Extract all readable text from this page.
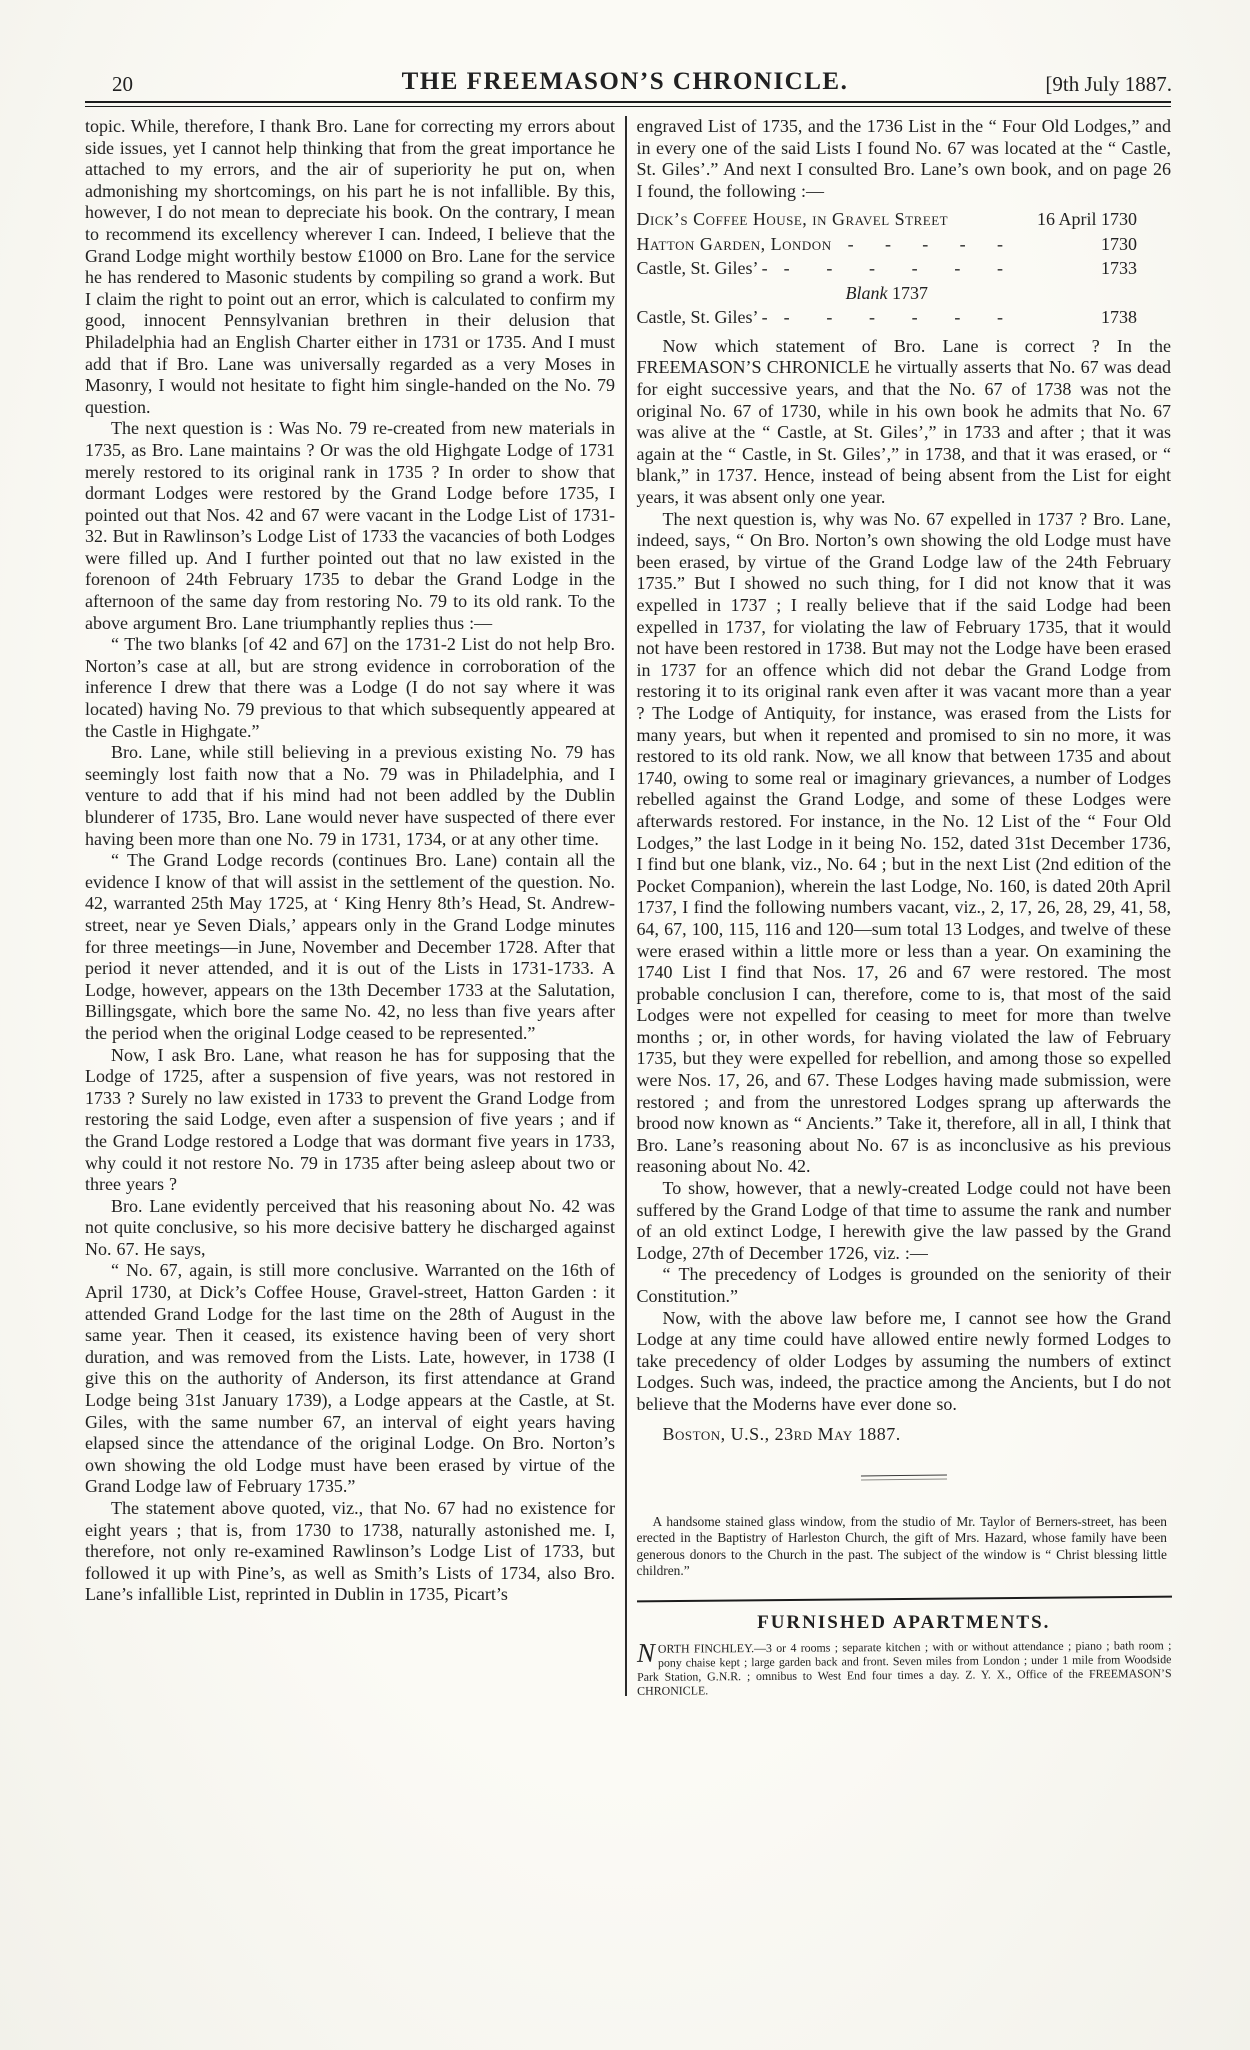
20	THE FREEMASON’S CHRONICLE.	[9th July 1887.

topic. While, therefore, I thank Bro. Lane for correcting my errors about side issues, yet I cannot help thinking that from the great importance he attached to my errors, and the air of superiority he put on, when admonishing my shortcomings, on his part he is not infallible. By this, however, I do not mean to depreciate his book. On the contrary, I mean to recommend its excellency wherever I can. Indeed, I believe that the Grand Lodge might worthily bestow £1000 on Bro. Lane for the service he has rendered to Masonic students by compiling so grand a work. But I claim the right to point out an error, which is calculated to confirm my good, innocent Pennsylvanian brethren in their delusion that Philadelphia had an English Charter either in 1731 or 1735. And I must add that if Bro. Lane was universally regarded as a very Moses in Masonry, I would not hesitate to fight him single-handed on the No. 79 question.

The next question is : Was No. 79 re-created from new materials in 1735, as Bro. Lane maintains ? Or was the old Highgate Lodge of 1731 merely restored to its original rank in 1735 ? In order to show that dormant Lodges were restored by the Grand Lodge before 1735, I pointed out that Nos. 42 and 67 were vacant in the Lodge List of 1731-32. But in Rawlinson’s Lodge List of 1733 the vacancies of both Lodges were filled up. And I further pointed out that no law existed in the forenoon of 24th February 1735 to debar the Grand Lodge in the afternoon of the same day from restoring No. 79 to its old rank. To the above argument Bro. Lane triumphantly replies thus :—

“ The two blanks [of 42 and 67] on the 1731-2 List do not help Bro. Norton’s case at all, but are strong evidence in corroboration of the inference I drew that there was a Lodge (I do not say where it was located) having No. 79 previous to that which subsequently appeared at the Castle in Highgate.”

Bro. Lane, while still believing in a previous existing No. 79 has seemingly lost faith now that a No. 79 was in Philadelphia, and I venture to add that if his mind had not been addled by the Dublin blunderer of 1735, Bro. Lane would never have suspected of there ever having been more than one No. 79 in 1731, 1734, or at any other time.

“ The Grand Lodge records (continues Bro. Lane) contain all the evidence I know of that will assist in the settlement of the question. No. 42, warranted 25th May 1725, at ‘ King Henry 8th’s Head, St. Andrew-street, near ye Seven Dials,’ appears only in the Grand Lodge minutes for three meetings—in June, November and December 1728. After that period it never attended, and it is out of the Lists in 1731-1733. A Lodge, however, appears on the 13th December 1733 at the Salutation, Billingsgate, which bore the same No. 42, no less than five years after the period when the original Lodge ceased to be represented.”

Now, I ask Bro. Lane, what reason he has for supposing that the Lodge of 1725, after a suspension of five years, was not restored in 1733 ? Surely no law existed in 1733 to prevent the Grand Lodge from restoring the said Lodge, even after a suspension of five years ; and if the Grand Lodge restored a Lodge that was dormant five years in 1733, why could it not restore No. 79 in 1735 after being asleep about two or three years ?

Bro. Lane evidently perceived that his reasoning about No. 42 was not quite conclusive, so his more decisive battery he discharged against No. 67. He says,

“ No. 67, again, is still more conclusive. Warranted on the 16th of April 1730, at Dick’s Coffee House, Gravel-street, Hatton Garden : it attended Grand Lodge for the last time on the 28th of August in the same year. Then it ceased, its existence having been of very short duration, and was removed from the Lists. Late, however, in 1738 (I give this on the authority of Anderson, its first attendance at Grand Lodge being 31st January 1739), a Lodge appears at the Castle, at St. Giles, with the same number 67, an interval of eight years having elapsed since the attendance of the original Lodge. On Bro. Norton’s own showing the old Lodge must have been erased by virtue of the Grand Lodge law of February 1735.”

The statement above quoted, viz., that No. 67 had no existence for eight years ; that is, from 1730 to 1738, naturally astonished me. I, therefore, not only re-examined Rawlinson’s Lodge List of 1733, but followed it up with Pine’s, as well as Smith’s Lists of 1734, also Bro. Lane’s infallible List, reprinted in Dublin in 1735, Picart’s

engraved List of 1735, and the 1736 List in the “ Four Old Lodges,” and in every one of the said Lists I found No. 67 was located at the “ Castle, St. Giles’.” And next I consulted Bro. Lane’s own book, and on page 26 I found, the following :—

Dick’s Coffee House, in Gravel Street	16 April 1730
Hatton Garden, London - - - - -	1730
Castle, St. Giles’ - - - - - - -	1733
Blank 1737
Castle, St. Giles’ - - - - - - -	1738

Now which statement of Bro. Lane is correct ? In the FREEMASON’S CHRONICLE he virtually asserts that No. 67 was dead for eight successive years, and that the No. 67 of 1738 was not the original No. 67 of 1730, while in his own book he admits that No. 67 was alive at the “ Castle, at St. Giles’,” in 1733 and after ; that it was again at the “ Castle, in St. Giles’,” in 1738, and that it was erased, or “ blank,” in 1737. Hence, instead of being absent from the List for eight years, it was absent only one year.

The next question is, why was No. 67 expelled in 1737 ? Bro. Lane, indeed, says, “ On Bro. Norton’s own showing the old Lodge must have been erased, by virtue of the Grand Lodge law of the 24th February 1735.” But I showed no such thing, for I did not know that it was expelled in 1737 ; I really believe that if the said Lodge had been expelled in 1737, for violating the law of February 1735, that it would not have been restored in 1738. But may not the Lodge have been erased in 1737 for an offence which did not debar the Grand Lodge from restoring it to its original rank even after it was vacant more than a year ? The Lodge of Antiquity, for instance, was erased from the Lists for many years, but when it repented and promised to sin no more, it was restored to its old rank. Now, we all know that between 1735 and about 1740, owing to some real or imaginary grievances, a number of Lodges rebelled against the Grand Lodge, and some of these Lodges were afterwards restored. For instance, in the No. 12 List of the “ Four Old Lodges,” the last Lodge in it being No. 152, dated 31st December 1736, I find but one blank, viz., No. 64 ; but in the next List (2nd edition of the Pocket Companion), wherein the last Lodge, No. 160, is dated 20th April 1737, I find the following numbers vacant, viz., 2, 17, 26, 28, 29, 41, 58, 64, 67, 100, 115, 116 and 120—sum total 13 Lodges, and twelve of these were erased within a little more or less than a year. On examining the 1740 List I find that Nos. 17, 26 and 67 were restored. The most probable conclusion I can, therefore, come to is, that most of the said Lodges were not expelled for ceasing to meet for more than twelve months ; or, in other words, for having violated the law of February 1735, but they were expelled for rebellion, and among those so expelled were Nos. 17, 26, and 67. These Lodges having made submission, were restored ; and from the unrestored Lodges sprang up afterwards the brood now known as “ Ancients.” Take it, therefore, all in all, I think that Bro. Lane’s reasoning about No. 67 is as inconclusive as his previous reasoning about No. 42.

To show, however, that a newly-created Lodge could not have been suffered by the Grand Lodge of that time to assume the rank and number of an old extinct Lodge, I herewith give the law passed by the Grand Lodge, 27th of December 1726, viz. :—

“ The precedency of Lodges is grounded on the seniority of their Constitution.”

Now, with the above law before me, I cannot see how the Grand Lodge at any time could have allowed entire newly formed Lodges to take precedency of older Lodges by assuming the numbers of extinct Lodges. Such was, indeed, the practice among the Ancients, but I do not believe that the Moderns have ever done so.

Boston, U.S., 23rd May 1887.

A handsome stained glass window, from the studio of Mr. Taylor of Berners-street, has been erected in the Baptistry of Harleston Church, the gift of Mrs. Hazard, whose family have been generous donors to the Church in the past. The subject of the window is “ Christ blessing little children.”

FURNISHED APARTMENTS.

NORTH FINCHLEY.—3 or 4 rooms ; separate kitchen ; with or without attendance ; piano ; bath room ; pony chaise kept ; large garden back and front. Seven miles from London ; under 1 mile from Woodside Park Station, G.N.R. ; omnibus to West End four times a day. Z. Y. X., Office of the FREEMASON’S CHRONICLE.
